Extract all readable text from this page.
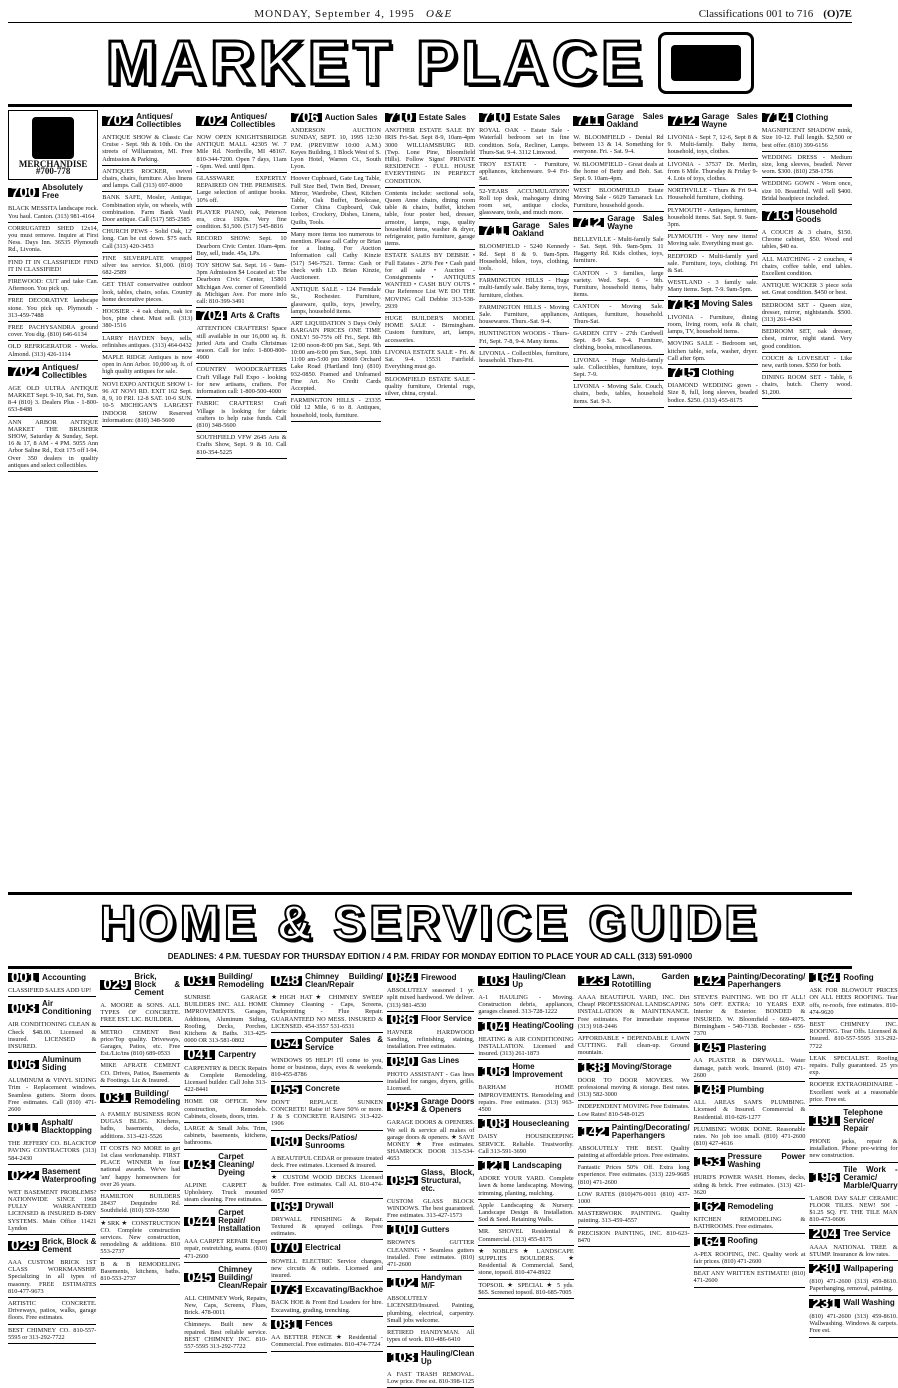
MONDAY, September 4, 1995 O&E	Classifications 001 to 716 (O)7E
MARKET PLACE
MERCHANDISE
#700-778
700 Absolutely Free

BLACK MESSITA landscape rock. You haul. Canton. (313) 981-4164

CORRUGATED SHED 12x14, you must remove. Inquire at First Ness. Days Inn. 36535 Plymouth Rd., Livonia.

FIND IT IN CLASSIFIED! FIND IT IN CLASSIFIED!

FIREWOOD: CUT and take Can. Afternoon. You pick up.

FREE DECORATIVE landscape stone. You pick up. Plymouth - 313-459-7488

FREE PACHYSANDRA ground cover. You dig. (810) 646-6134

OLD REFRIGERATOR - Works. Almond. (313) 426-1114

702 Antiques/ Collectibles

AGE OLD ULTRA ANTIQUE MARKET Sept. 9-10, Sat. Fri, Sun. 8-4 (810) 3. Dealers Plus - 1-800-653-8488

ANN ARBOR ANTIQUE MARKET THE BRUSHER SHOW, Saturday & Sunday, Sept. 16 & 17, 8 AM - 4 PM. 5055 Ann Arbor Saline Rd., Exit 175 off I-94. Over 350 dealers in quality antiques and select collectibles.

702 Antiques/ Collectibles

ANTIQUE SHOW & Classic Car Cruise - Sept. 9th & 10th. On the streets of Williamston, MI. Free Admission & Parking.

ANTIQUES ROCKER, swivel chairs, chairs, furniture. Also linens and lamps. Call (313) 697-8000

BANK SAFE, Mosler, Antique, Combination style, on wheels, with combination. Farm Bank Vault Door antique. Call (517) 585-2585

CHURCH PEWS - Solid Oak, 12' long. Can be cut down. $75 each. Call (313) 420-3453

FINE SILVERPLATE wrapped silver tea service. $1,000. (810) 682-2589

GET THAT conservative outdoor look, tables, chairs, sofas. Country home decorative pieces.

HOOSIER - 4 oak chairs, oak ice box, pine chest. Must sell. (313) 380-1516

LARRY HAYDEN buys, sells, refinishes antiques. (313) 464-0432

MAPLE RIDGE Antiques is now open in Ann Arbor. 10,000 sq. ft. of high quality antiques for sale.

NOVI EXPO ANTIQUE SHOW 1-96 AT NOVI RD. EXIT 162 Sept. 8, 9, 10 FRI. 12-8 SAT. 10-6 SUN. 10-5 MICHIGAN'S LARGEST INDOOR SHOW Reserved information: (810) 348-5600

702 Antiques/ Collectibles

NOW OPEN KNIGHTSBRIDGE ANTIQUE MALL 42305 W. 7 Mile Rd. Northville, MI 48167. 810-344-7200. Open 7 days, 11am - 6pm. Wed. until 8pm.

GLASSWARE EXPERTLY REPAIRED ON THE PREMISES. Large selection of antique books. 10% off.

PLAYER PIANO, oak, Peterson era, circa 1920s. Very fine condition. $1,500. (517) 545-8816

RECORD SHOW: Sept. 10 Dearborn Civic Center. 10am-4pm. Buy, sell, trade. 45s, LPs.

TOY SHOW Sat. Sept. 16 - 9am-3pm Admission $4 Located at: The Dearborn Civic Center, 15801 Michigan Ave. corner of Greenfield & Michigan Ave. For more info call: 810-399-3491

704 Arts & Crafts

ATTENTION CRAFTERS! Space still available in our 16,000 sq. ft. juried Arts and Crafts Christmas season. Call for info: 1-800-800-4900

COUNTRY WOODCRAFTERS Craft Village Fall Expo - looking for new artisans, crafters. For information call: 1-800-500-4000

FABRIC CRAFTERS! Craft Village is looking for fabric crafters to help raise funds. Call (810) 348-5600

SOUTHFIELD VFW 2645 Arts & Crafts Show, Sept. 9 & 10. Call 810-354-5225

706 Auction Sales

ANDERSON AUCTION SUNDAY, SEPT. 10, 1995 12:30 P.M. (PREVIEW 10:00 A.M.) Keyes Building, 1 Block West of S. Lyon Hotel, Warren Ct., South Lyon.

Hoover Cupboard, Gate Leg Table, Full Size Bed, Twin Bed, Dresser, Mirror, Wardrobe, Chest, Kitchen Table, Oak Buffet, Bookcase, Corner China Cupboard, Oak Icebox, Crockery, Dishes, Linens, Quilts, Tools.

Many more items too numerous to mention. Please call Cathy or Brian for a listing. For Auction Information call Cathy Kinzie (517) 546-7521. Terms: Cash or check with I.D. Brian Kinzie, Auctioneer.

ANTIQUE SALE - 124 Ferndale St., Rochester. Furniture, glassware, quilts, toys, jewelry, lamps, household items.

ART LIQUIDATION 3 Days Only BARGAIN PRICES ONE TIME ONLY! 50-75% off Fri., Sept. 8th 12:00 noon-8:00 pm Sat., Sept. 9th 10:00 am-6:00 pm Sun., Sept. 10th 11:00 am-5:00 pm 30669 Orchard Lake Road (Hartland Inn) (810) 932-0850. Framed and Unframed Fine Art. No Credit Cards Accepted.

FARMINGTON HILLS - 23335 Old 12 Mile, 6 to 8. Antiques, household, tools, furniture.

710 Estate Sales

ANOTHER ESTATE SALE BY IRIS Fri-Sat. Sept 8-9, 10am-4pm 3000 WILLIAMSBURG RD. (Twp. Lone Pine, Bloomfield Hills). Follow Signs! PRIVATE RESIDENCE - FULL HOUSE EVERYTHING IN PERFECT CONDITION.

Contents include: sectional sofa, Queen Anne chairs, dining room table & chairs, buffet, kitchen table, four poster bed, dresser, armoire, lamps, rugs, quality household items, washer & dryer, refrigerator, patio furniture, garage items.

ESTATE SALES BY DEBBIE • Full Estates - 20% Fee • Cash paid for all sale • Auction - Consignments • ANTIQUES WANTED • CASH BUY OUTS • Our Reference List WE DO THE MOVING Call Debbie 313-538-2939

HUGE BUILDER'S MODEL HOME SALE - Birmingham. Custom furniture, art, lamps, accessories.

LIVONIA ESTATE SALE - Fri. & Sat. 9-4. 15531 Fairfield. Everything must go.

BLOOMFIELD ESTATE SALE - quality furniture, Oriental rugs, silver, china, crystal.

710 Estate Sales

ROYAL OAK - Estate Sale - Waterfall bedroom set in fine condition. Sofa, Recliner, Lamps. Thurs-Sat. 9-4. 3112 Linwood.

TROY ESTATE - Furniture, appliances, kitchenware. 9-4 Fri-Sat.

52-YEARS ACCUMULATION! Roll top desk, mahogany dining room set, antique clocks, glassware, tools, and much more.

711 Garage Sales Oakland

BLOOMFIELD - 5240 Kennedy Rd. Sept 8 & 9. 9am-5pm. Household, bikes, toys, clothing, tools.

FARMINGTON HILLS - Huge multi-family sale. Baby items, toys, furniture, clothes.

FARMINGTON HILLS - Moving Sale. Furniture, appliances, housewares. Thurs.-Sat. 9-4.

HUNTINGTON WOODS - Thurs-Fri, Sept. 7-8, 9-4. Many items.

LIVONIA - Collectibles, furniture, household. Thurs-Fri.

711 Garage Sales Oakland

W. BLOOMFIELD - Dental Rd between 13 & 14. Something for everyone. Fri. - Sat. 9-4.

W. BLOOMFIELD - Great deals at the home of Betty and Bob. Sat. Sept. 9. 10am-4pm.

WEST BLOOMFIELD Estate Moving Sale - 6629 Tamarack Ln. Furniture, household goods.

712 Garage Sales Wayne

BELLEVILLE - Multi-family Sale - Sat. Sept. 9th. 9am-5pm. 11 Haggerty Rd. Kids clothes, toys, furniture.

CANTON - 3 families, large variety. Wed. Sept. 6 - 9th. Furniture, household items, baby items.

CANTON - Moving Sale. Antiques, furniture, household. Thurs-Sat.

GARDEN CITY - 27th Cardwell Sept. 8-9 Sat. 9-4. Furniture, clothing, books, miscellaneous.

LIVONIA - Huge Multi-family sale. Collectibles, furniture, toys. Sept. 7-9.

LIVONIA - Moving Sale. Couch, chairs, beds, tables, household items. Sat. 9-3.

712 Garage Sales Wayne

LIVONIA - Sept 7, 12-6, Sept 8 & 9. Multi-family. Baby items, household, toys, clothes.

LIVONIA - 37537 Dr. Merlin, from 6 Mile. Thursday & Friday 9-4. Lots of toys, clothes.

NORTHVILLE - Thurs & Fri 9-4. Household furniture, clothing.

PLYMOUTH - Antiques, furniture, household items. Sat. Sept. 9. 9am-3pm.

PLYMOUTH - Very new items! Moving sale. Everything must go.

REDFORD - Multi-family yard sale. Furniture, toys, clothing. Fri & Sat.

WESTLAND - 3 family sale. Many items. Sept. 7-9. 9am-5pm.

713 Moving Sales

LIVONIA - Furniture, dining room, living room, sofa & chair, lamps, TV, household items.

MOVING SALE - Bedroom set, kitchen table, sofa, washer, dryer. Call after 6pm.

715 Clothing

DIAMOND WEDDING gown - Size 8, full, long sleeves, beaded bodice. $250. (313) 455-8175

714 Clothing

MAGNIFICENT SHADOW mink, Size 10-12. Full length. $2,500 or best offer. (810) 399-6156

WEDDING DRESS - Medium size, long sleeves, beaded. Never worn. $300. (810) 258-1756

WEDDING GOWN - Worn once, size 10. Beautiful. Will sell $400. Bridal headpiece included.

716 Household Goods

A COUCH & 3 chairs, $150. Chrome cabinet, $50. Wood end tables, $40 ea.

ALL MATCHING - 2 couches, 4 chairs, coffee table, end tables. Excellent condition.

ANTIQUE WICKER 3 piece sofa set. Great condition. $450 or best.

BEDROOM SET - Queen size, dresser, mirror, nightstands. $500. (313) 261-4343

BEDROOM SET, oak dresser, chest, mirror, night stand. Very good condition.

COUCH & LOVESEAT - Like new, earth tones. $350 for both.

DINING ROOM SET - Table, 6 chairs, hutch. Cherry wood. $1,200.

HOME & SERVICE GUIDE
DEADLINES: 4 P.M. TUESDAY FOR THURSDAY EDITION / 4 P.M. FRIDAY FOR MONDAY EDITION TO PLACE YOUR AD CALL (313) 591-0900
001 Accounting

CLASSIFIED SALES ADD UP!

003 Air Conditioning

AIR CONDITIONING CLEAN & Check $48.00. Licensed & insured. LICENSED & INSURED.

006 Aluminum Siding

ALUMINUM & VINYL SIDING Trim - Replacement windows. Seamless gutters. Storm doors. Free estimates. Call (810) 471-2600

011 Asphalt/ Blacktopping

THE JEFFERY CO. BLACKTOP PAVING CONTRACTORS (313) 584-2430

022 Basement Waterproofing

WET BASEMENT PROBLEMS? NATIONWIDE SINCE 1968 FULLY WARRANTEED LICENSED & INSURED B-DRY SYSTEMS. Main Office 11421 Lyndon

029 Brick, Block & Cement

AAA CUSTOM BRICK 1ST CLASS WORKMANSHIP. Specializing in all types of masonry. FREE ESTIMATES 810-477-9673

ARTISTIC CONCRETE. Driveways, patios, walks, garage floors. Free estimates.

BEST CHIMNEY CO. 810-557-5595 or 313-292-7722

029 Brick, Block & Cement

A. MOORE & SONS. ALL TYPES OF CONCRETE. FREE EST. LIC. BUILDER.

METRO CEMENT Best price/Top quality. Driveways, Garages, Patios, etc. Free Est./Lic/ins (810) 689-0533

MIKE AFRATE CEMENT CO. Drives, Patios, Basements & Footings. Lic & Insured.

031 Building/ Remodeling

A FAMILY BUSINESS RON DUGAS BLDG. Kitchens, baths, basements, decks, additions. 313-421-5526

IT COSTS NO MORE to get 1st class workmanship. FIRST PLACE WINNER in four national awards. We've had 'am' happy homeowners for over 26 years.

HAMILTON BUILDERS 28437 Dequindre Rd. Southfield. (810) 559-5590

★SRK★ CONSTRUCTION CO. Complete construction services. New construction, remodeling & additions. 810 553-2737

B & B REMODELING Basements, kitchens, baths. 810-553-2737

031 Building/ Remodeling

SUNRISE GARAGE BUILDERS INC. ALL HOME IMPROVEMENTS. Garages, Additions, Aluminum Siding, Roofing, Decks, Porches, Kitchens & Baths. 313-425-0000 OR 313-581-0802

041 Carpentry

CARPENTRY & DECK Repairs & Complete Remodeling. Licensed builder. Call John 313-422-8441

HOME OR OFFICE. New construction, Remodels. Cabinets, closets, doors, trim.

LARGE & Small Jobs. Trim, cabinets, basements, kitchens, bathrooms.

043 Carpet Cleaning/ Dyeing

ALPINE CARPET & Upholstery. Truck mounted steam cleaning. Free estimates.

044 Carpet Repair/ Installation

AAA CARPET REPAIR Expert repair, restretching, seams. (810) 471-2600

045 Chimney Building/ Clean/Repair

ALL CHIMNEY Work, Repairs, New, Caps, Screens, Flues, Brick. 478-0011

Chimneys. Built new & repaired. Best reliable service. BEST CHIMNEY INC. 810-557-5595 313-292-7722

048 Chimney Building/ Clean/Repair

★HIGH HAT★ CHIMNEY SWEEP Chimney Cleaning - Caps, Screens, Tuckpointing - Flue Repair. GUARANTEED NO MESS. INSURED & LICENSED. 454-3557 531-6531

054 Computer Sales & Service

WINDOWS 95 HELP! I'll come to you, home or business, days, eves & weekends. 810-455-8786

055 Concrete

DON'T REPLACE SUNKEN CONCRETE! Raise it! Save 50% or more. J & S CONCRETE RAISING 313-422-1906

060 Decks/Patios/ Sunrooms

A BEAUTIFUL CEDAR or pressure treated deck. Free estimates. Licensed & insured.

★ CUSTOM WOOD DECKS Licensed builder. Free estimates. Call AL 810-474-6057

069 Drywall

DRYWALL FINISHING & Repair. Textured & sprayed ceilings. Free estimates.

070 Electrical

BOWELL ELECTRIC Service changes, new circuits & outlets. Licensed and insured.

073 Excavating/Backhoe

BACK HOE & Front End Loaders for hire. Excavating, grading, trenching.

081 Fences

AA BETTER FENCE ★ Residential - Commercial. Free estimates. 810-474-7724

084 Firewood

ABSOLUTELY seasoned 1 yr. split mixed hardwood. We deliver. (313) 981-4530

086 Floor Service

HAVNER HARDWOOD Sanding, refinishing, staining, installation. Free estimates.

090 Gas Lines

PHOTO ASSISTANT - Gas lines installed for ranges, dryers, grills. Licensed.

093 Garage Doors & Openers

GARAGE DOORS & OPENERS. We sell & service all makes of garage doors & openers. ★ SAVE MONEY ★ Free estimates. SHAMROCK DOOR 313-534-4653

095 Glass, Block, Structural, etc.

CUSTOM GLASS BLOCK WINDOWS. The best guaranteed. Free estimates. 313-427-1573

100 Gutters

BROWN'S GUTTER CLEANING • Seamless gutters installed. Free estimates. (810) 471-2600

102 Handyman M/F

ABSOLUTELY LICENSED/Insured. Painting, plumbing, electrical, carpentry. Small jobs welcome.

RETIRED HANDYMAN. All types of work. 810-486-6410

103 Hauling/Clean Up

A FAST TRASH REMOVAL. Low price. Free est. 810-398-1125

103 Hauling/Clean Up

A-1 HAULING - Moving. Construction debris, appliances, garages cleaned. 313-728-1222

104 Heating/Cooling

HEATING & AIR CONDITIONING INSTALLATION. Licensed and insured. (313) 261-1873

106 Home Improvement

BARHAM HOME IMPROVEMENTS. Remodeling and repairs. Free estimates. (313) 963-4500

108 Housecleaning

DAISY HOUSEKEEPING SERVICE. Reliable. Trustworthy. Call 313-591-3690

121 Landscaping

ADORE YOUR YARD. Complete lawn & home landscaping. Mowing, trimming, planting, mulching.

Apple Landscaping & Nursery. Landscape Design & Installation. Sod & Seed. Retaining Walls.

MR. SHOVEL Residential & Commercial. (313) 455-8175

★ NOBLE'S ★ LANDSCAPE SUPPLIES BOULDERS. ★ Residential & Commercial. Sand, stone, topsoil. 810-474-8922

TOPSOIL ★ SPECIAL ★ 5 yds. $65. Screened topsoil. 810-685-7005

123 Lawn, Garden Rototilling

AAAA BEAUTIFUL YARD, INC. Dirt Cheap! PROFESSIONAL LANDSCAPING INSTALLATION & MAINTENANCE. Free estimates. For immediate response (313) 918-2446

AFFORDABLE • DEPENDABLE LAWN CUTTING. Fall clean-up. Ground mountain.

138 Moving/Storage

DOOR TO DOOR MOVERS. We professional moving & storage. Best rates. (313) 582-3000

INDEPENDENT MOVING Free Estimates. Low Rates! 810-548-0125

142 Painting/Decorating/ Paperhangers

ABSOLUTELY THE BEST. Quality painting at affordable prices. Free estimates.

Fantastic Prices 50% Off. Extra long experience. Free estimates. (313) 229-9685 (810) 471-2600

LOW RATES (810)476-0011 (810) 437-1000

MASTERWORK PAINTING. Quality painting. 313-459-4557

PRECISION PAINTING, INC. 810-623-8470

142 Painting/Decorating/ Paperhangers

STEVE'S PAINTING. WE DO IT ALL! 50% OFF. EXTRA: 10 YEARS EXP. Interior & Exterior. BONDED & INSURED. W. Bloomfield - 669-4975. Birmingham - 540-7138. Rochester - 656-7370

145 Plastering

AA PLASTER & DRYWALL. Water damage, patch work. Insured. (810) 471-2600

148 Plumbing

ALL AREAS SAM'S PLUMBING. Licensed & Insured. Commercial & Residential. 810-626-1277

PLUMBING WORK DONE. Reasonable rates. No job too small. (810) 471-2600 (810) 427-4616

153 Pressure Power Washing

HURD'S POWER WASH. Homes, decks, siding & brick. Free estimates. (313) 421-3620

162 Remodeling

KITCHEN REMODELING & BATHROOMS. Free estimates.

164 Roofing

A-PEX ROOFING, INC. Quality work at fair prices. (810) 471-2600

BEAT ANY WRITTEN ESTIMATE! (810) 471-2600

164 Roofing

ASK FOR BLOWOUT PRICES ON ALL HEES ROOFING. Tear offs, re-roofs, free estimates. 810-474-9620

BEST CHIMNEY INC. ROOFING. Tear Offs. Licensed & Insured. 810-557-5595 313-292-7722

LEAK SPECIALIST. Roofing repairs. Fully guaranteed. 25 yrs exp.

ROOFER EXTRAORDINAIRE - Excellent work at a reasonable price. Free est.

191 Telephone Service/ Repair

PHONE jacks, repair & installation. Phone pre-wiring for new construction.

196 Tile Work - Ceramic/ Marble/Quarry

'LABOR DAY SALE' CERAMIC FLOOR TILES. NEW! 50¢ - $1.25 SQ. FT. THE TILE MAN 810-473-0606

204 Tree Service

AAAA NATIONAL TREE & STUMP. Insurance & low rates.

230 Wallpapering

(810) 471-2600 (313) 459-8610. Paperhanging, removal, painting.

231 Wall Washing

(810) 471-2600 (313) 459-8610. Wallwashing. Windows & carpets. Free est.
